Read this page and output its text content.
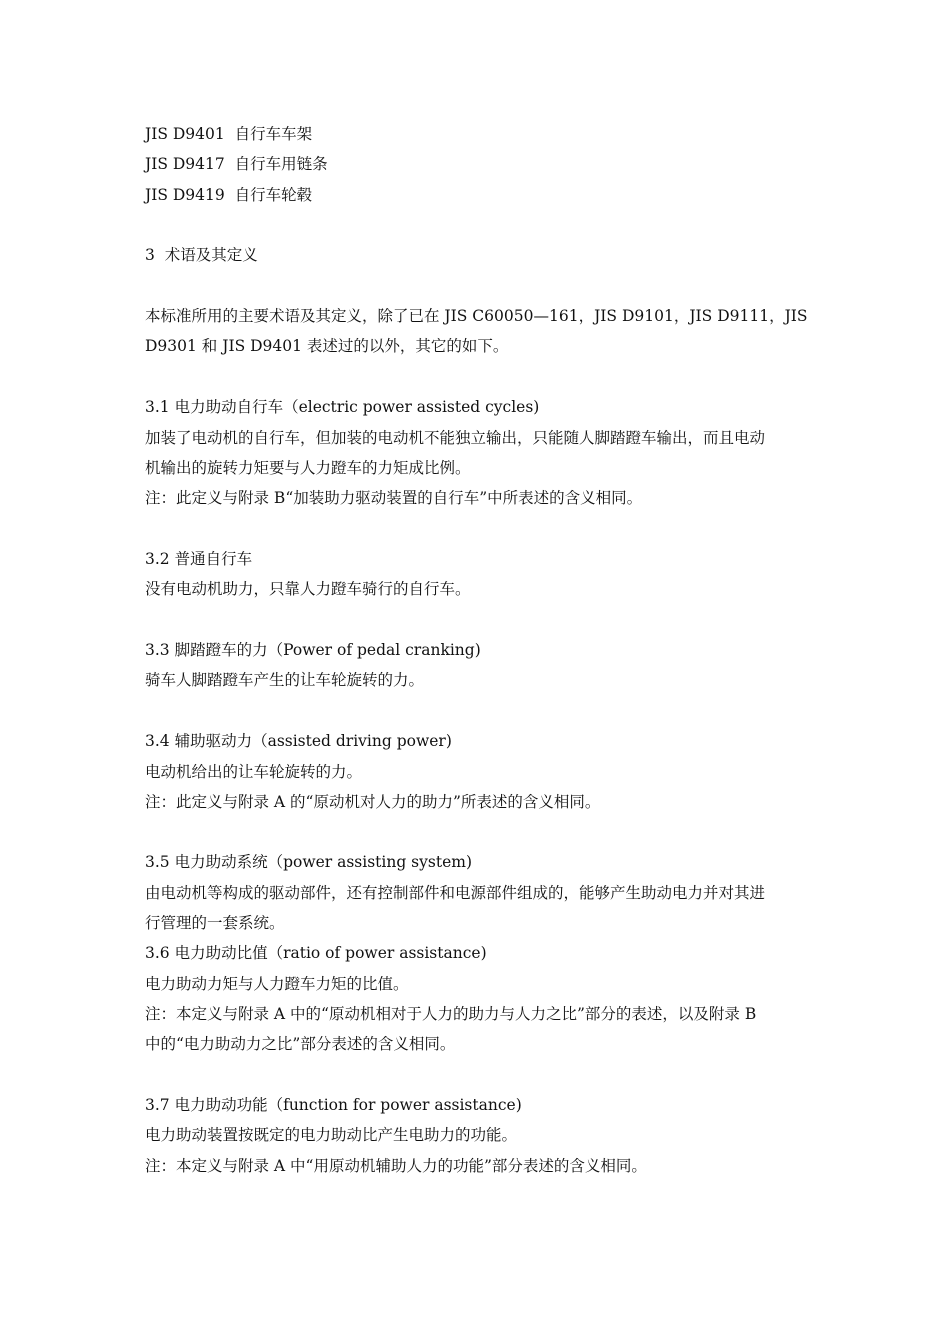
JIS D9401  自行车车架
JIS D9417  自行车用链条
JIS D9419  自行车轮毂
3  术语及其定义
本标准所用的主要术语及其定义，除了已在 JIS C60050—161，JIS D9101，JIS D9111，JIS
D9301 和 JIS D9401 表述过的以外，其它的如下。
3.1 电力助动自行车（electric power assisted cycles)
加装了电动机的自行车，但加装的电动机不能独立输出，只能随人脚踏蹬车输出，而且电动
机输出的旋转力矩要与人力蹬车的力矩成比例。
注：此定义与附录 B“加装助力驱动装置的自行车”中所表述的含义相同。
3.2 普通自行车
没有电动机助力，只靠人力蹬车骑行的自行车。
3.3 脚踏蹬车的力（Power of pedal cranking)
骑车人脚踏蹬车产生的让车轮旋转的力。
3.4 辅助驱动力（assisted driving power)
电动机给出的让车轮旋转的力。
注：此定义与附录 A 的“原动机对人力的助力”所表述的含义相同。
3.5 电力助动系统（power assisting system)
由电动机等构成的驱动部件，还有控制部件和电源部件组成的，能够产生助动电力并对其进
行管理的一套系统。
3.6 电力助动比值（ratio of power assistance)
电力助动力矩与人力蹬车力矩的比值。
注：本定义与附录 A 中的“原动机相对于人力的助力与人力之比”部分的表述，以及附录 B
中的“电力助动力之比”部分表述的含义相同。
3.7 电力助动功能（function for power assistance)
电力助动装置按既定的电力助动比产生电助力的功能。
注：本定义与附录 A 中“用原动机辅助人力的功能”部分表述的含义相同。
